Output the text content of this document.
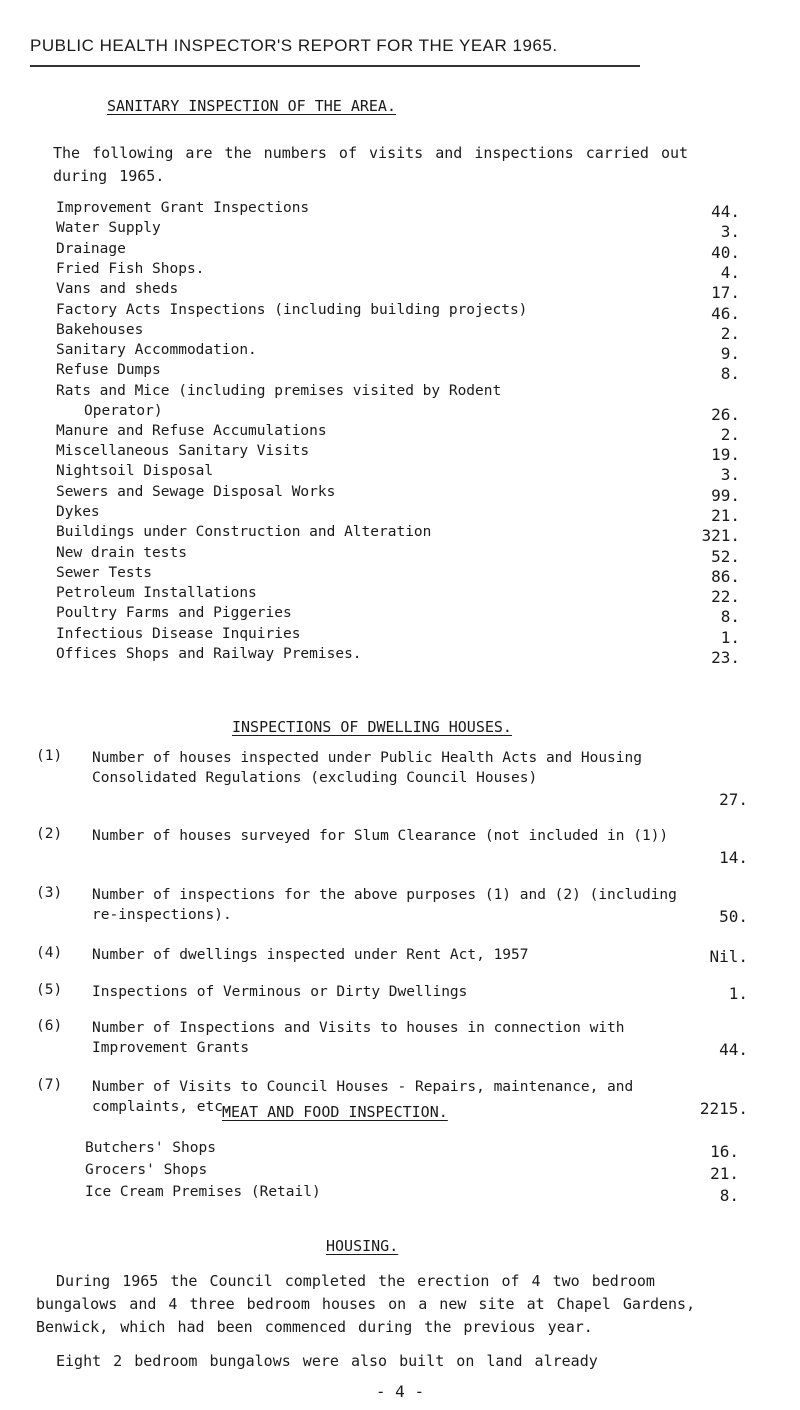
PUBLIC HEALTH INSPECTOR'S REPORT FOR THE YEAR 1965.
SANITARY INSPECTION OF THE AREA.
The following are the numbers of visits and inspections carried out during 1965.
Improvement Grant Inspections	44.
Water Supply	3.
Drainage	40.
Fried Fish Shops.	4.
Vans and sheds	17.
Factory Acts Inspections (including building projects)	46.
Bakehouses	2.
Sanitary Accommodation.	9.
Refuse Dumps	8.
Rats and Mice (including premises visited by Rodent
Operator)	26.
Manure and Refuse Accumulations	2.
Miscellaneous Sanitary Visits	19.
Nightsoil Disposal	3.
Sewers and Sewage Disposal Works	99.
Dykes	21.
Buildings under Construction and Alteration	321.
New drain tests	52.
Sewer Tests	86.
Petroleum Installations	22.
Poultry Farms and Piggeries	8.
Infectious Disease Inquiries	1.
Offices Shops and Railway Premises.	23.
INSPECTIONS OF DWELLING HOUSES.
(1) Number of houses inspected under Public Health Acts and Housing Consolidated Regulations (excluding Council Houses)
27.
(2) Number of houses surveyed for Slum Clearance (not included in (1))
14.
(3) Number of inspections for the above purposes (1) and (2) (including re-inspections).	50.
(4) Number of dwellings inspected under Rent Act, 1957	Nil.
(5) Inspections of Verminous or Dirty Dwellings	1.
(6) Number of Inspections and Visits to houses in connection with Improvement Grants	44.
(7) Number of Visits to Council Houses - Repairs, maintenance, and complaints, etc.	2215.
MEAT AND FOOD INSPECTION.
Butchers' Shops	16.
Grocers' Shops	21.
Ice Cream Premises (Retail)	8.
HOUSING.
During 1965 the Council completed the erection of 4 two bedroom bungalows and 4 three bedroom houses on a new site at Chapel Gardens, Benwick, which had been commenced during the previous year.
Eight 2 bedroom bungalows were also built on land already
- 4 -
